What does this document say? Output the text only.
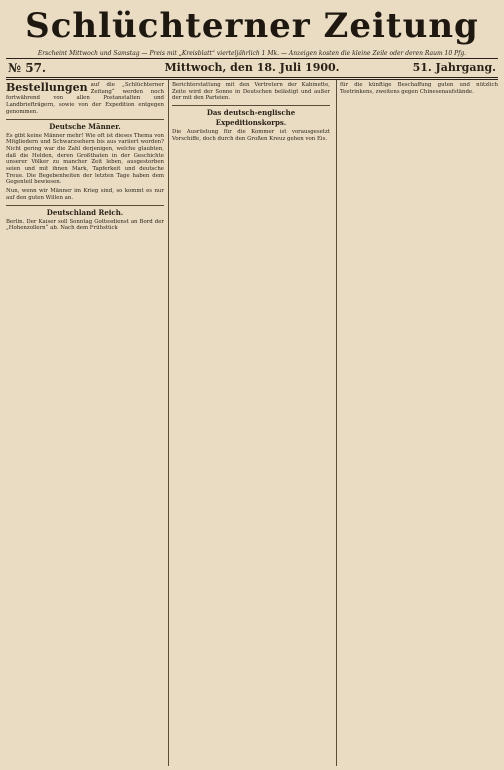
Schlüchterner Zeitung
Erscheint Mittwoch und Samstag — Preis mit „Kreisblatt“ vierteljährlich 1 Mk. — Anzeigen kosten die kleine Zeile oder deren Raum 10 Pfg.
№ 57.	Mittwoch, den 18. Juli 1900.	51. Jahrgang.
Bestellungen auf die „Schlüchterner Zeitung“ werden noch fortwährend von allen Postanstalten und Landbriefträgern, sowie von der Expedition entgegen genommen.

Deutsche Männer.

Es gibt keine Männer mehr! Wie oft ist dieses Thema von Mitgliedern und Schwarzsehern bis aus variiert worden? Nicht gering war die Zahl derjenigen, welche glaubten, daß die Helden, deren Großthaten in der Geschichte unserer Völker zu mancher Zeit leben, ausgestorben seien und mit ihnen Mark, Tapferkeit und deutsche Treue. Die Begebenheiten der letzten Tage haben dem Gegenteil bewiesen.

Nun, wenn wir Männer im Krieg sind, so kommt es nur auf den guten Willen an.

Deutschland Reich.

Berlin. Der Kaiser soll Sonntag Gottesdienst an Bord der „Hohenzollern“ ab. Nach dem Frühstück

Berichterstattung mit den Vertretern der Kabinette, Zeite wird der Sonne in Deutschen belästigt und außer der mit den Parteien.

Das deutsch-englische Expeditionskorps.

Die Ausrüstung für die Kommer ist vorausgesetzt Vorschiffe, doch durch den Großen Kreuz gehen von Eis.

für die künftige Beschaffung guten und nützlich Teetrinkens, zweitens gegen Chinesenaufstände.
